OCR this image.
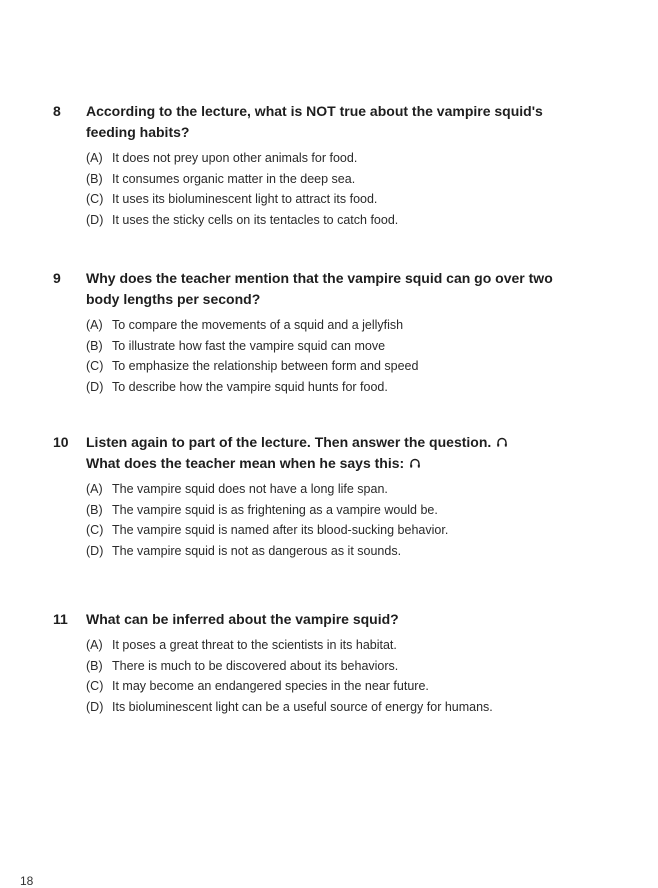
8 According to the lecture, what is NOT true about the vampire squid's
feeding habits?
(A) It does not prey upon other animals for food.
(B) It consumes organic matter in the deep sea.
(C) It uses its bioluminescent light to attract its food.
(D) It uses the sticky cells on its tentacles to catch food.
9 Why does the teacher mention that the vampire squid can go over two
body lengths per second?
(A) To compare the movements of a squid and a jellyfish
(B) To illustrate how fast the vampire squid can move
(C) To emphasize the relationship between form and speed
(D) To describe how the vampire squid hunts for food.
10 Listen again to part of the lecture. Then answer the question.
What does the teacher mean when he says this:
(A) The vampire squid does not have a long life span.
(B) The vampire squid is as frightening as a vampire would be.
(C) The vampire squid is named after its blood-sucking behavior.
(D) The vampire squid is not as dangerous as it sounds.
11 What can be inferred about the vampire squid?
(A) It poses a great threat to the scientists in its habitat.
(B) There is much to be discovered about its behaviors.
(C) It may become an endangered species in the near future.
(D) Its bioluminescent light can be a useful source of energy for humans.
18
